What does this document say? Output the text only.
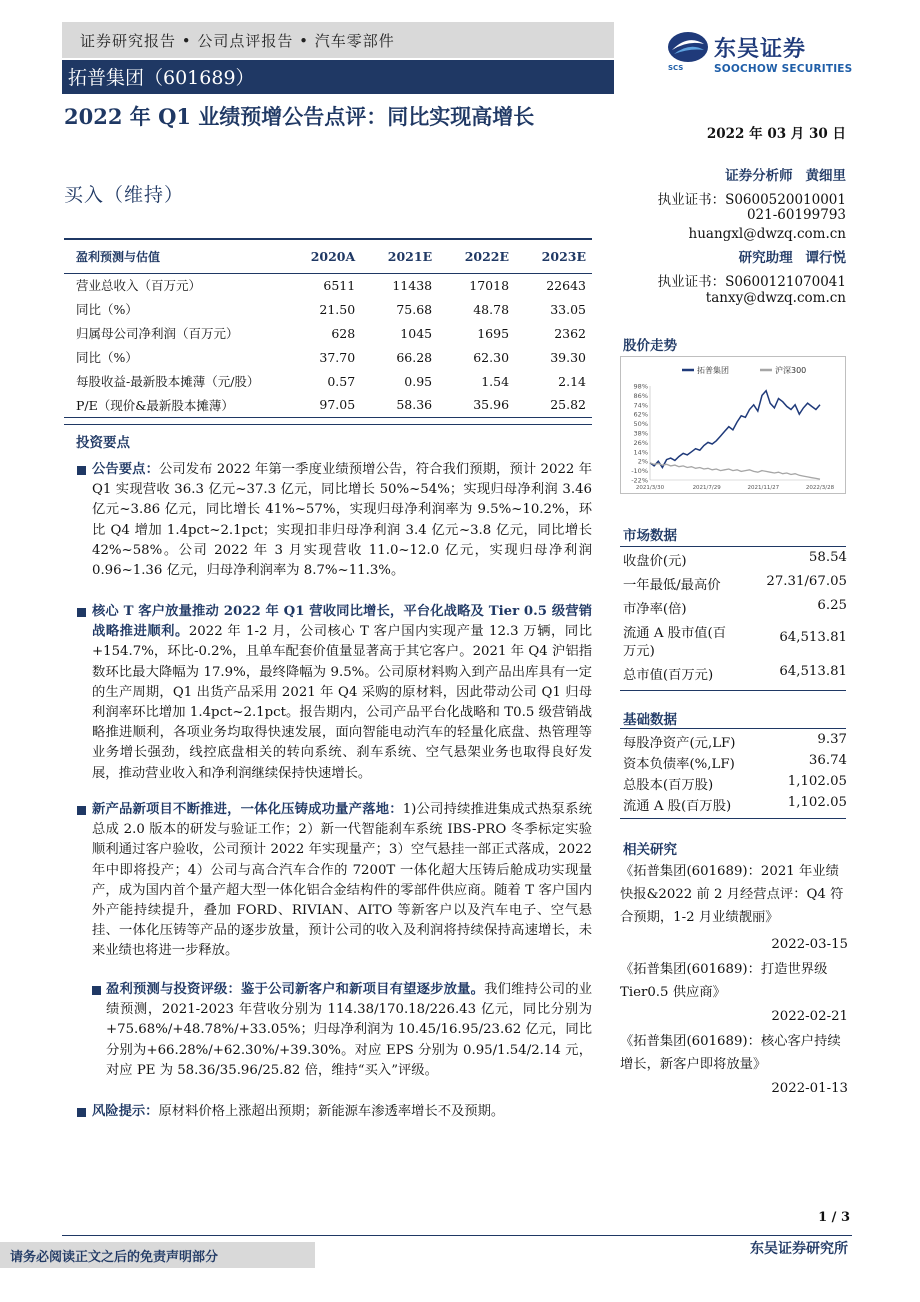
证券研究报告 • 公司点评报告 • 汽车零部件
拓普集团（601689）	SCS
东吴证券
SOOCHOW SECURITIES
2022 年 Q1 业绩预增公告点评：同比实现高增长
买入（维持）
2022 年 03 月 30 日
证券分析师 黄细里
执业证书：S0600520010001
021-60199793
huangxl@dwzq.com.cn
研究助理 谭行悦
执业证书：S0600121070041
tanxy@dwzq.com.cn
盈利预测与估值	2020A	2021E	2022E	2023E
营业总收入（百万元）	6511	11438	17018	22643
同比（%）	21.50	75.68	48.78	33.05
归属母公司净利润（百万元）	628	1045	1695	2362
同比（%）	37.70	66.28	62.30	39.30
每股收益-最新股本摊薄（元/股）	0.57	0.95	1.54	2.14
P/E（现价&最新股本摊薄）	97.05	58.36	35.96	25.82
投资要点
公告要点：公司发布 2022 年第一季度业绩预增公告，符合我们预期，预计 2022 年 Q1 实现营收 36.3 亿元~37.3 亿元，同比增长 50%~54%；实现归母净利润 3.46 亿元~3.86 亿元，同比增长 41%~57%，实现归母净利润率为 9.5%~10.2%，环比 Q4 增加 1.4pct~2.1pct；实现扣非归母净利润 3.4 亿元~3.8 亿元，同比增长 42%~58%。公司 2022 年 3 月实现营收 11.0~12.0 亿元，实现归母净利润 0.96~1.36 亿元，归母净利润率为 8.7%~11.3%。
核心 T 客户放量推动 2022 年 Q1 营收同比增长，平台化战略及 Tier 0.5 级营销战略推进顺利。2022 年 1-2 月，公司核心 T 客户国内实现产量 12.3 万辆，同比+154.7%，环比-0.2%，且单车配套价值量显著高于其它客户。2021 年 Q4 沪铝指数环比最大降幅为 17.9%，最终降幅为 9.5%。公司原材料购入到产品出库具有一定的生产周期，Q1 出货产品采用 2021 年 Q4 采购的原材料，因此带动公司 Q1 归母利润率环比增加 1.4pct~2.1pct。报告期内，公司产品平台化战略和 T0.5 级营销战略推进顺利，各项业务均取得快速发展，面向智能电动汽车的轻量化底盘、热管理等业务增长强劲，线控底盘相关的转向系统、刹车系统、空气悬架业务也取得良好发展，推动营业收入和净利润继续保持快速增长。
新产品新项目不断推进，一体化压铸成功量产落地：1)公司持续推进集成式热泵系统总成 2.0 版本的研发与验证工作；2）新一代智能刹车系统 IBS-PRO 冬季标定实验顺利通过客户验收，公司预计 2022 年实现量产；3）空气悬挂一部正式落成，2022 年中即将投产；4）公司与高合汽车合作的 7200T 一体化超大压铸后舱成功实现量产，成为国内首个量产超大型一体化铝合金结构件的零部件供应商。随着 T 客户国内外产能持续提升，叠加 FORD、RIVIAN、AITO 等新客户以及汽车电子、空气悬挂、一体化压铸等产品的逐步放量，预计公司的收入及利润将持续保持高速增长，未来业绩也将进一步释放。
盈利预测与投资评级：鉴于公司新客户和新项目有望逐步放量。我们维持公司的业绩预测，2021-2023 年营收分别为 114.38/170.18/226.43 亿元，同比分别为+75.68%/+48.78%/+33.05%；归母净利润为 10.45/16.95/23.62 亿元，同比分别为+66.28%/+62.30%/+39.30%。对应 EPS 分别为 0.95/1.54/2.14 元，对应 PE 为 58.36/35.96/25.82 倍，维持“买入”评级。
风险提示：原材料价格上涨超出预期；新能源车渗透率增长不及预期。
股价走势
拓普集团	沪深300
98%
86%
74%
62%
50%
38%
26%
14%
2%
-10%
-22%
2021/3/30	2021/7/29	2021/11/27	2022/3/28
市场数据
收盘价(元)	58.54
一年最低/最高价	27.31/67.05
市净率(倍)	6.25
流通 A 股市值(百	64,513.81
万元)
总市值(百万元)	64,513.81
基础数据
每股净资产(元,LF)	9.37
资本负债率(%,LF)	36.74
总股本(百万股)	1,102.05
流通 A 股(百万股)	1,102.05
相关研究
《拓普集团(601689)：2021 年业绩快报&2022 前 2 月经营点评：Q4 符合预期，1-2 月业绩靓丽》
2022-03-15
《拓普集团(601689)：打造世界级 Tier0.5 供应商》
2022-02-21
《拓普集团(601689)：核心客户持续增长，新客户即将放量》
2022-01-13
1 / 3
请务必阅读正文之后的免责声明部分
东吴证券研究所
